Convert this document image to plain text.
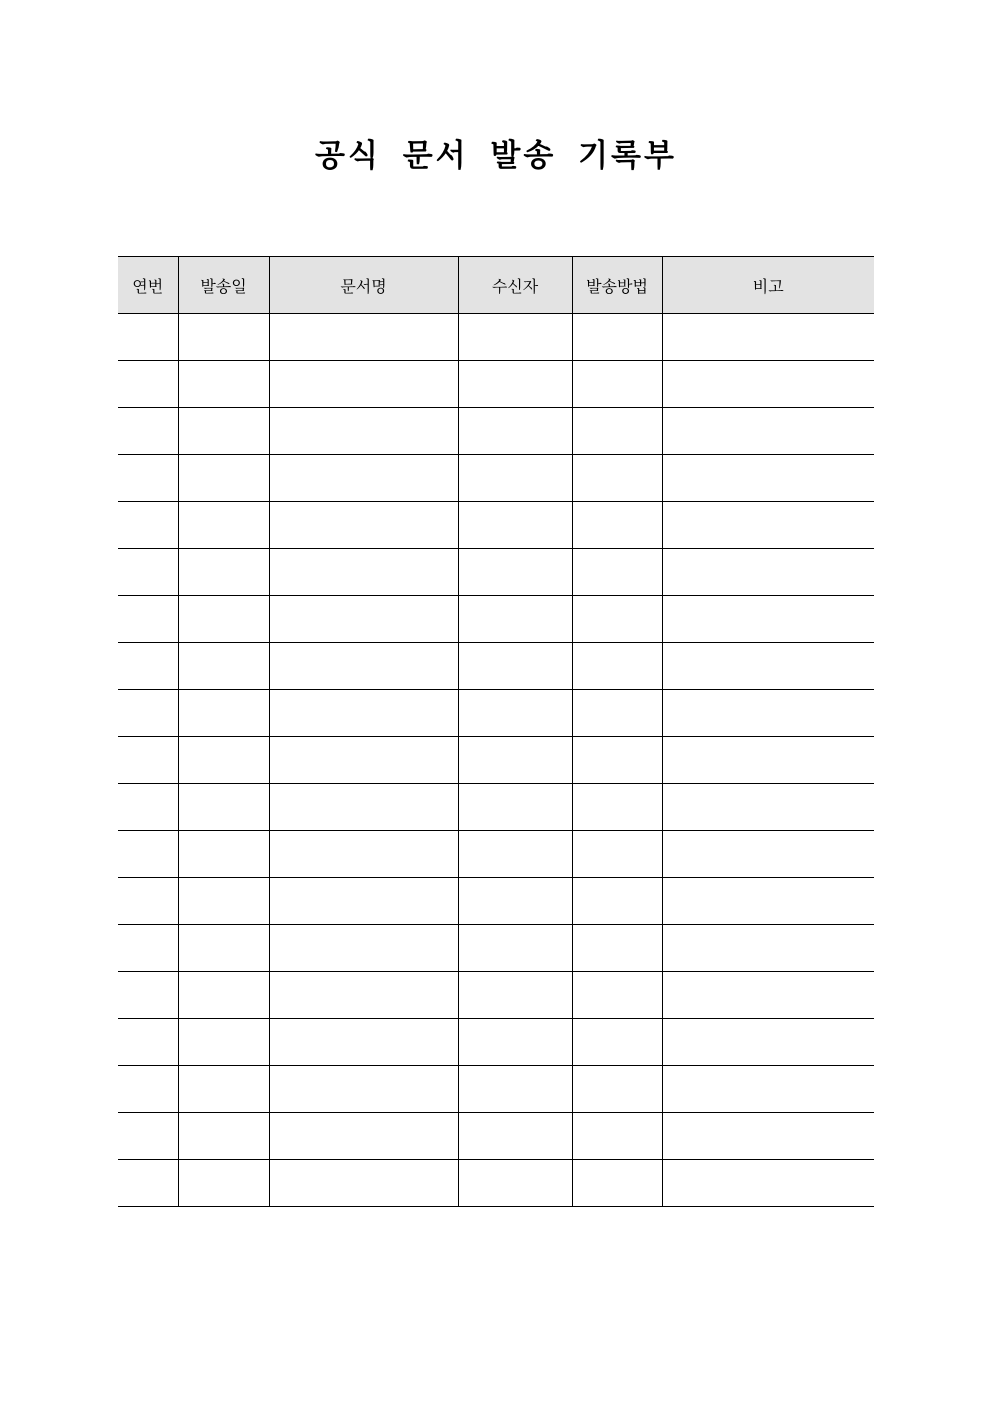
공식 문서 발송 기록부
연번	발송일	문서명	수신자	발송방법	비고
